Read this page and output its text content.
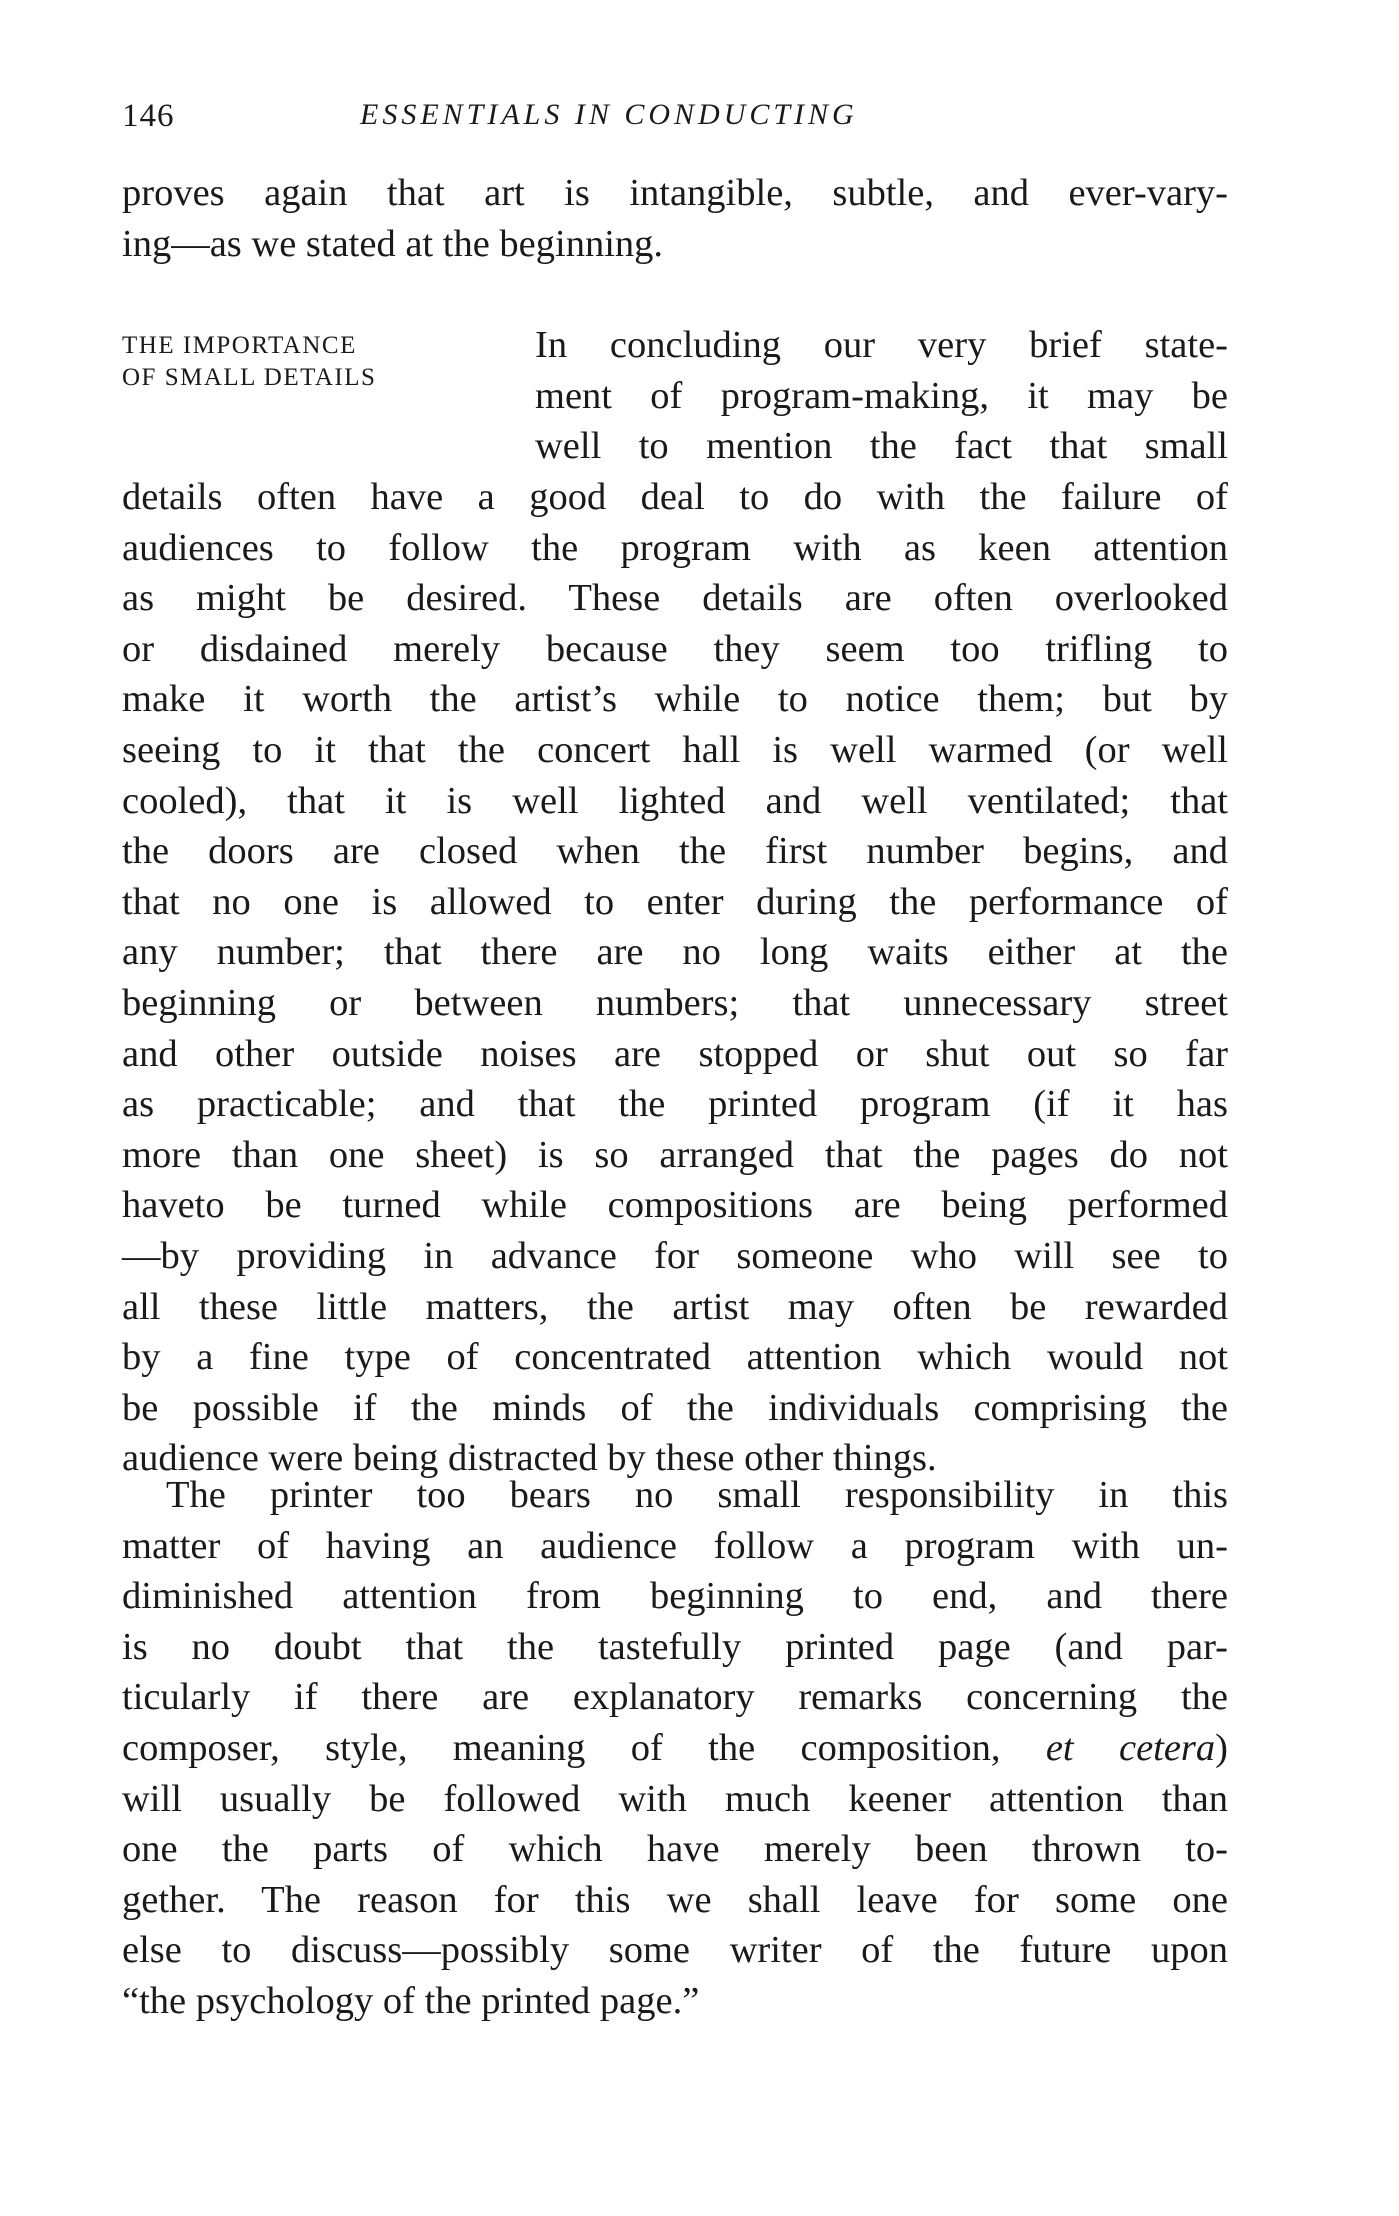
146	ESSENTIALS IN CONDUCTING
proves again that art is intangible, subtle, and ever-vary-
ing—as we stated at the beginning.
THE IMPORTANCE
OF SMALL DETAILS
In concluding our very brief state-
ment of program-making, it may be
well to mention the fact that small
details often have a good deal to do with the failure of
audiences to follow the program with as keen attention
as might be desired. These details are often overlooked
or disdained merely because they seem too trifling to
make it worth the artist’s while to notice them; but by
seeing to it that the concert hall is well warmed (or well
cooled), that it is well lighted and well ventilated; that
the doors are closed when the first number begins, and
that no one is allowed to enter during the performance of
any number; that there are no long waits either at the
beginning or between numbers; that unnecessary street
and other outside noises are stopped or shut out so far
as practicable; and that the printed program (if it has
more than one sheet) is so arranged that the pages do not
haveto be turned while compositions are being performed
—by providing in advance for someone who will see to
all these little matters, the artist may often be rewarded
by a fine type of concentrated attention which would not
be possible if the minds of the individuals comprising the
audience were being distracted by these other things.
The printer too bears no small responsibility in this
matter of having an audience follow a program with un-
diminished attention from beginning to end, and there
is no doubt that the tastefully printed page (and par-
ticularly if there are explanatory remarks concerning the
composer, style, meaning of the composition, et cetera)
will usually be followed with much keener attention than
one the parts of which have merely been thrown to-
gether. The reason for this we shall leave for some one
else to discuss—possibly some writer of the future upon
“the psychology of the printed page.”
